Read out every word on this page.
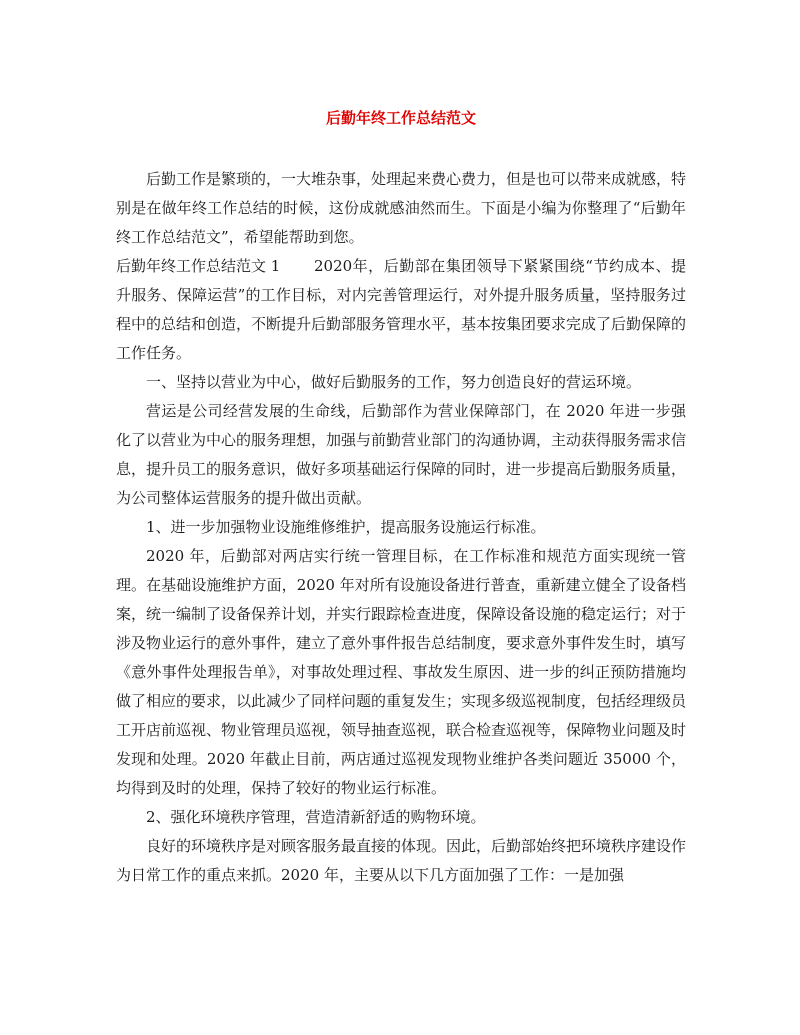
后勤年终工作总结范文

后勤工作是繁琐的，一大堆杂事，处理起来费心费力，但是也可以带来成就感，特别是在做年终工作总结的时候，这份成就感油然而生。下面是小编为你整理了“后勤年终工作总结范文”，希望能帮助到您。

后勤年终工作总结范文 1 2020年，后勤部在集团领导下紧紧围绕“节约成本、提升服务、保障运营”的工作目标，对内完善管理运行，对外提升服务质量，坚持服务过程中的总结和创造，不断提升后勤部服务管理水平，基本按集团要求完成了后勤保障的工作任务。

一、坚持以营业为中心，做好后勤服务的工作，努力创造良好的营运环境。

营运是公司经营发展的生命线，后勤部作为营业保障部门，在 2020 年进一步强化了以营业为中心的服务理想，加强与前勤营业部门的沟通协调，主动获得服务需求信息，提升员工的服务意识，做好多项基础运行保障的同时，进一步提高后勤服务质量，为公司整体运营服务的提升做出贡献。

1、进一步加强物业设施维修维护，提高服务设施运行标准。

2020 年，后勤部对两店实行统一管理目标，在工作标准和规范方面实现统一管理。在基础设施维护方面，2020 年对所有设施设备进行普查，重新建立健全了设备档案，统一编制了设备保养计划，并实行跟踪检查进度，保障设备设施的稳定运行；对于涉及物业运行的意外事件，建立了意外事件报告总结制度，要求意外事件发生时，填写《意外事件处理报告单》，对事故处理过程、事故发生原因、进一步的纠正预防措施均做了相应的要求，以此减少了同样问题的重复发生；实现多级巡视制度，包括经理级员工开店前巡视、物业管理员巡视，领导抽查巡视，联合检查巡视等，保障物业问题及时发现和处理。2020 年截止目前，两店通过巡视发现物业维护各类问题近 35000 个，均得到及时的处理，保持了较好的物业运行标准。

2、强化环境秩序管理，营造清新舒适的购物环境。

良好的环境秩序是对顾客服务最直接的体现。因此，后勤部始终把环境秩序建设作为日常工作的重点来抓。2020 年，主要从以下几方面加强了工作：一是加强
